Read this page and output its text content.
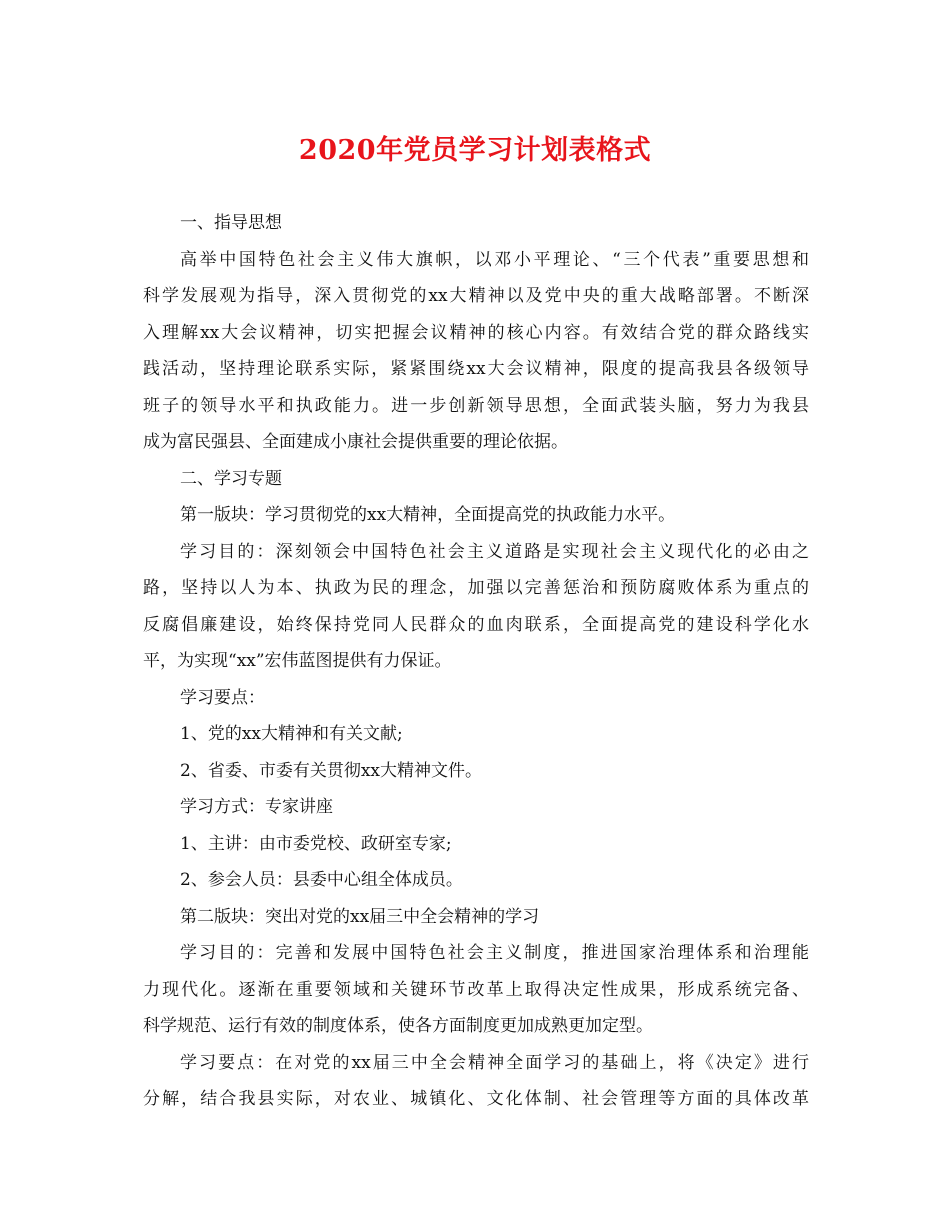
2020年党员学习计划表格式
一、指导思想
高举中国特色社会主义伟大旗帜，以邓小平理论、“三个代表”重要思想和
科学发展观为指导，深入贯彻党的xx大精神以及党中央的重大战略部署。不断深
入理解xx大会议精神，切实把握会议精神的核心内容。有效结合党的群众路线实
践活动，坚持理论联系实际，紧紧围绕xx大会议精神，限度的提高我县各级领导
班子的领导水平和执政能力。进一步创新领导思想，全面武装头脑，努力为我县
成为富民强县、全面建成小康社会提供重要的理论依据。
二、学习专题
第一版块：学习贯彻党的xx大精神，全面提高党的执政能力水平。
学习目的：深刻领会中国特色社会主义道路是实现社会主义现代化的必由之
路，坚持以人为本、执政为民的理念，加强以完善惩治和预防腐败体系为重点的
反腐倡廉建设，始终保持党同人民群众的血肉联系，全面提高党的建设科学化水
平，为实现“xx”宏伟蓝图提供有力保证。
学习要点：
1、党的xx大精神和有关文献;
2、省委、市委有关贯彻xx大精神文件。
学习方式：专家讲座
1、主讲：由市委党校、政研室专家;
2、参会人员：县委中心组全体成员。
第二版块：突出对党的xx届三中全会精神的学习
学习目的：完善和发展中国特色社会主义制度，推进国家治理体系和治理能
力现代化。逐渐在重要领域和关键环节改革上取得决定性成果，形成系统完备、
科学规范、运行有效的制度体系，使各方面制度更加成熟更加定型。
学习要点：在对党的xx届三中全会精神全面学习的基础上，将《决定》进行
分解，结合我县实际，对农业、城镇化、文化体制、社会管理等方面的具体改革
